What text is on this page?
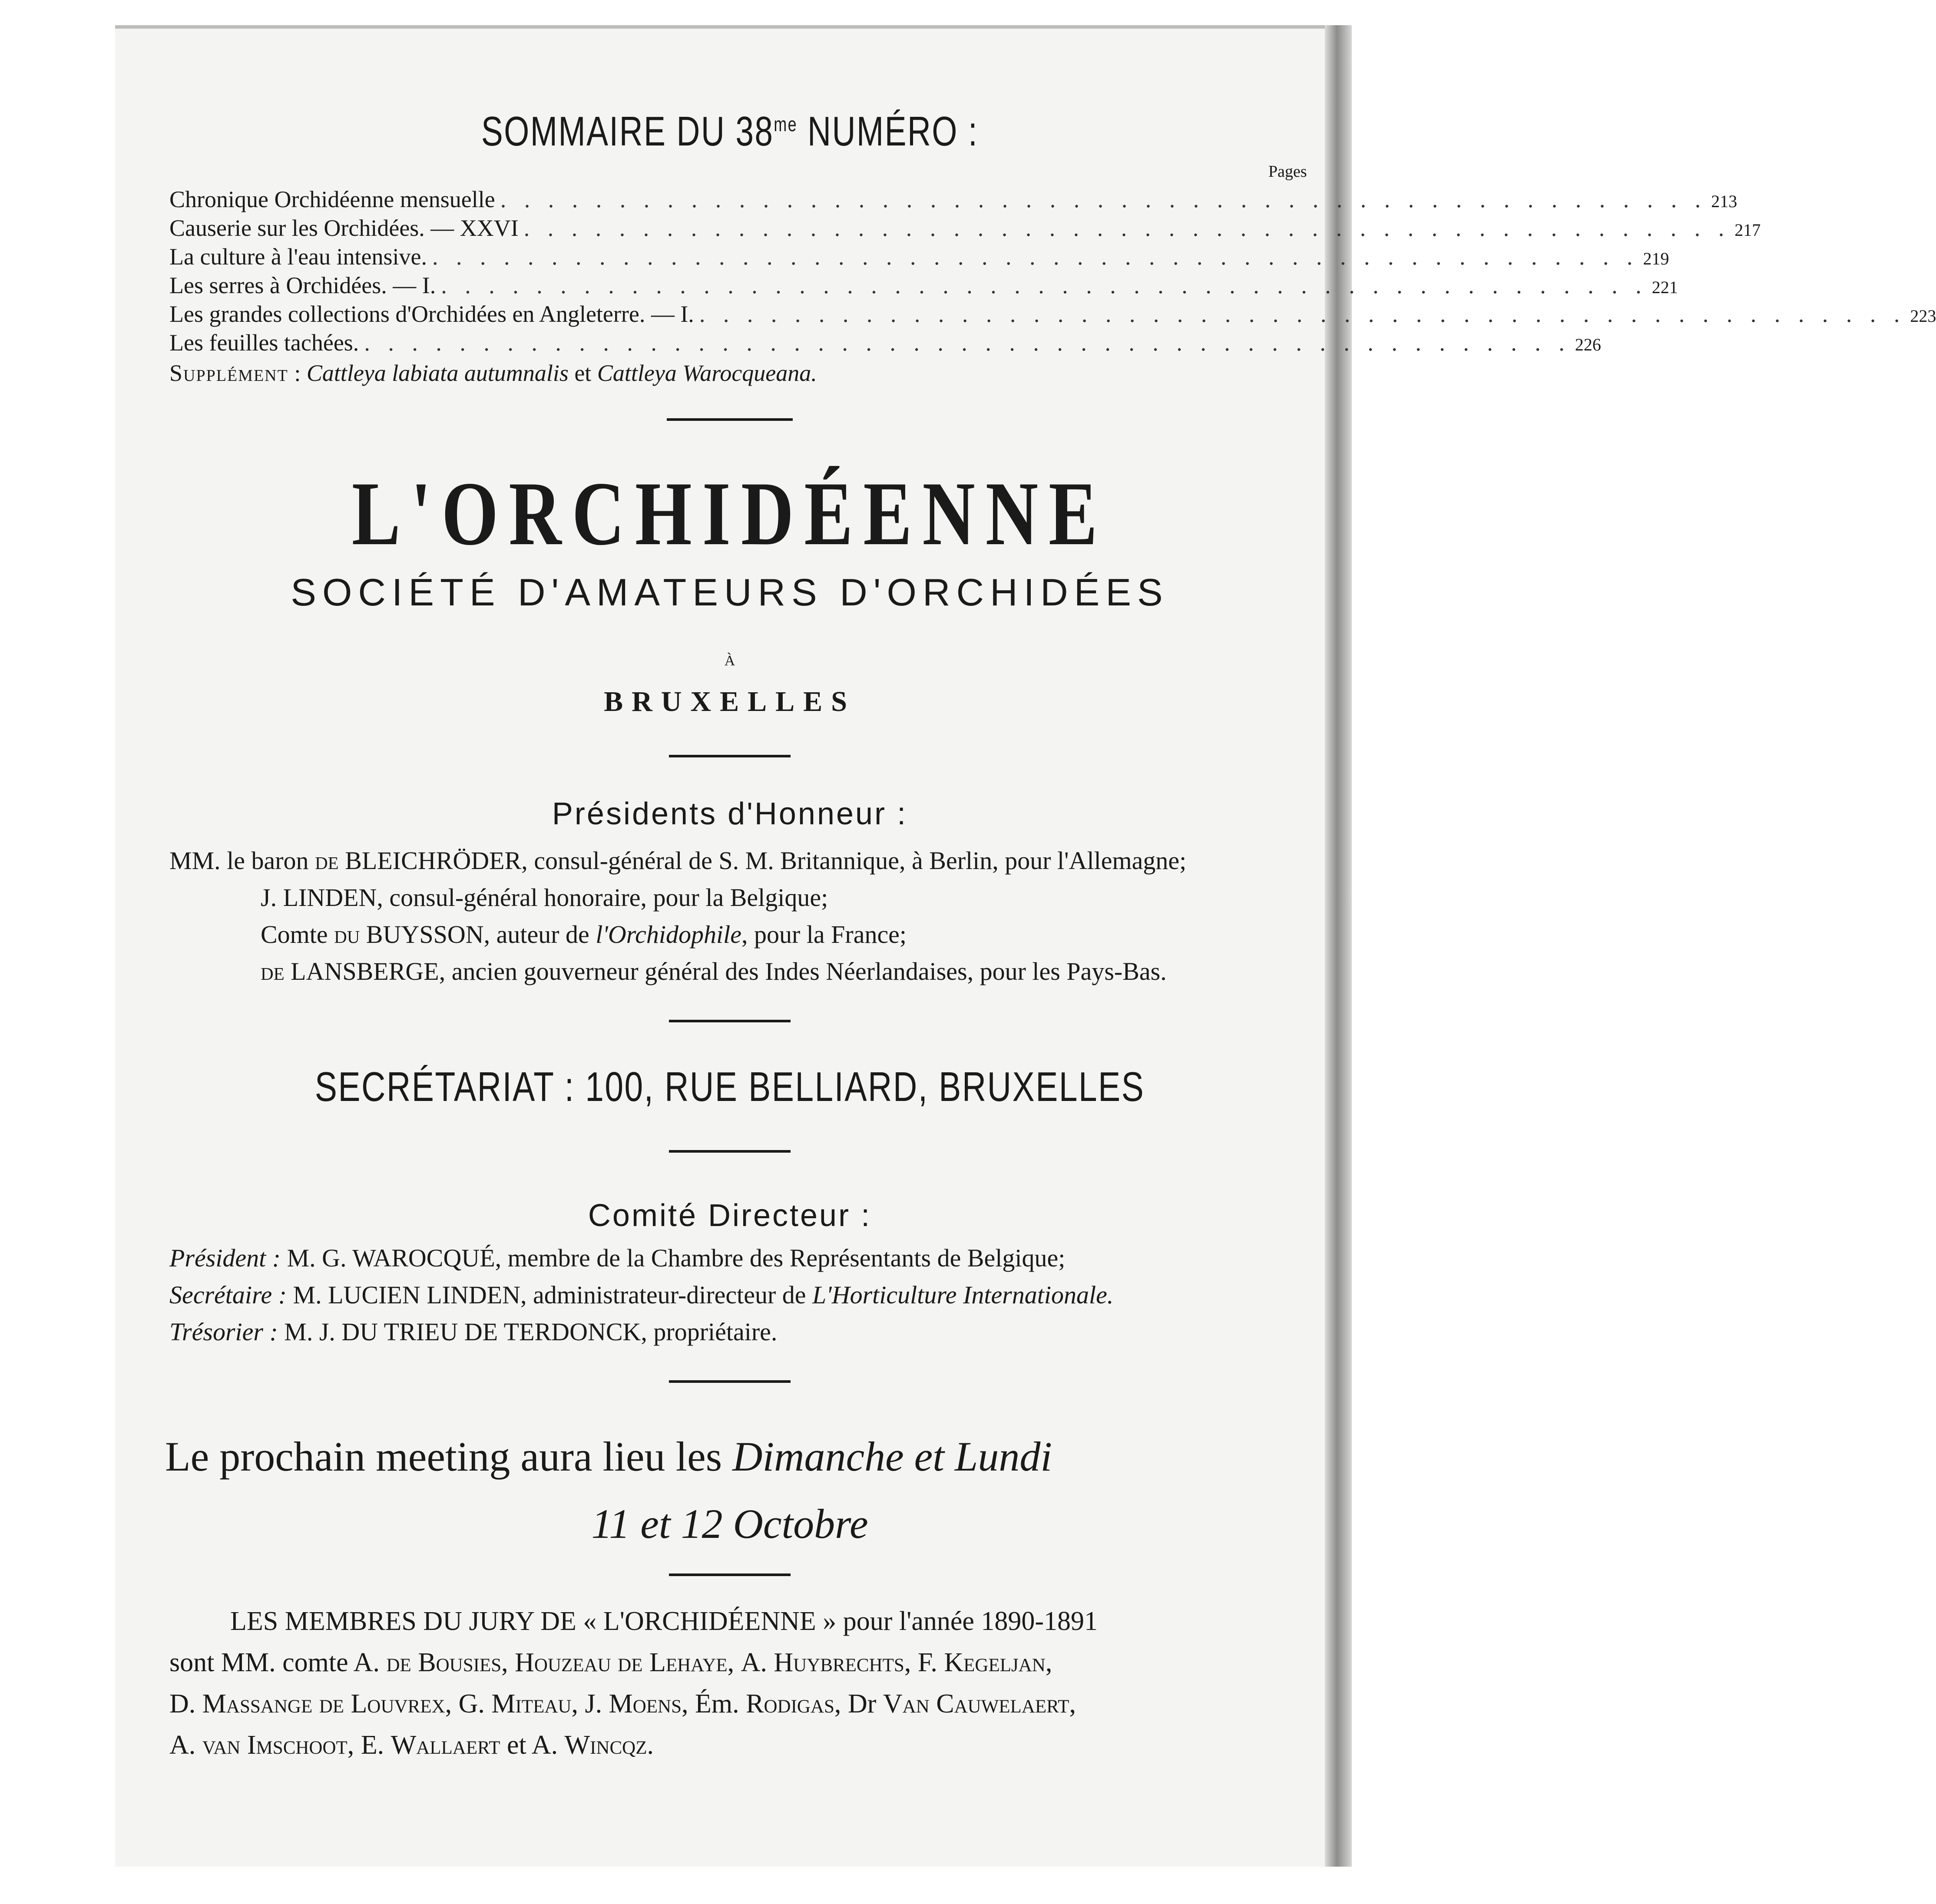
SOMMAIRE DU $38^{me}$ NUMÉRO :
Pages
Chronique Orchidéenne mensuelle . . . . . . . . . . . . . . . . . . . . . . . . . . . . . . . . . . . . . . . . . . . . . . . . . . . 213
Causerie sur les Orchidées. — XXVI . . . . . . . . . . . . . . . . . . . . . . . . . . . . . . . . . . . . . . . . . . . . . . . . . . . 217
La culture à l'eau intensive. . . . . . . . . . . . . . . . . . . . . . . . . . . . . . . . . . . . . . . . . . . . . . . . . . . . 219
Les serres à Orchidées. — I. . . . . . . . . . . . . . . . . . . . . . . . . . . . . . . . . . . . . . . . . . . . . . . . . . . . 221
Les grandes collections d'Orchidées en Angleterre. — I. . . . . . . . . . . . . . . . . . . . . . . . . . . . . . . . . . . . . . . . . . . . . . . . . . . . 223
Les feuilles tachées. . . . . . . . . . . . . . . . . . . . . . . . . . . . . . . . . . . . . . . . . . . . . . . . . . . . 226
Supplément : Cattleya labiata autumnalis et Cattleya Warocqueana.
L'ORCHIDÉENNE
SOCIÉTÉ D'AMATEURS D'ORCHIDÉES
À
BRUXELLES
Présidents d'Honneur :
MM. le baron de BLEICHRÖDER, consul-général de S. M. Britannique, à Berlin, pour l'Allemagne;
J. LINDEN, consul-général honoraire, pour la Belgique;
Comte du BUYSSON, auteur de l'Orchidophile, pour la France;
de LANSBERGE, ancien gouverneur général des Indes Néerlandaises, pour les Pays-Bas.
SECRÉTARIAT : 100, RUE BELLIARD, BRUXELLES
Comité Directeur :
Président : M. G. WAROCQUÉ, membre de la Chambre des Représentants de Belgique;
Secrétaire : M. LUCIEN LINDEN, administrateur-directeur de L'Horticulture Internationale.
Trésorier : M. J. DU TRIEU DE TERDONCK, propriétaire.
Le prochain meeting aura lieu les Dimanche et Lundi
11 et 12 Octobre
LES MEMBRES DU JURY DE « L'ORCHIDÉENNE » pour l'année 1890-1891
sont MM. comte A. de Bousies, Houzeau de Lehaye, A. Huybrechts, F. Kegeljan,
D. Massange de Louvrex, G. Miteau, J. Moens, Ém. Rodigas, Dr Van Cauwelaert,
A. van Imschoot, E. Wallaert et A. Wincqz.
